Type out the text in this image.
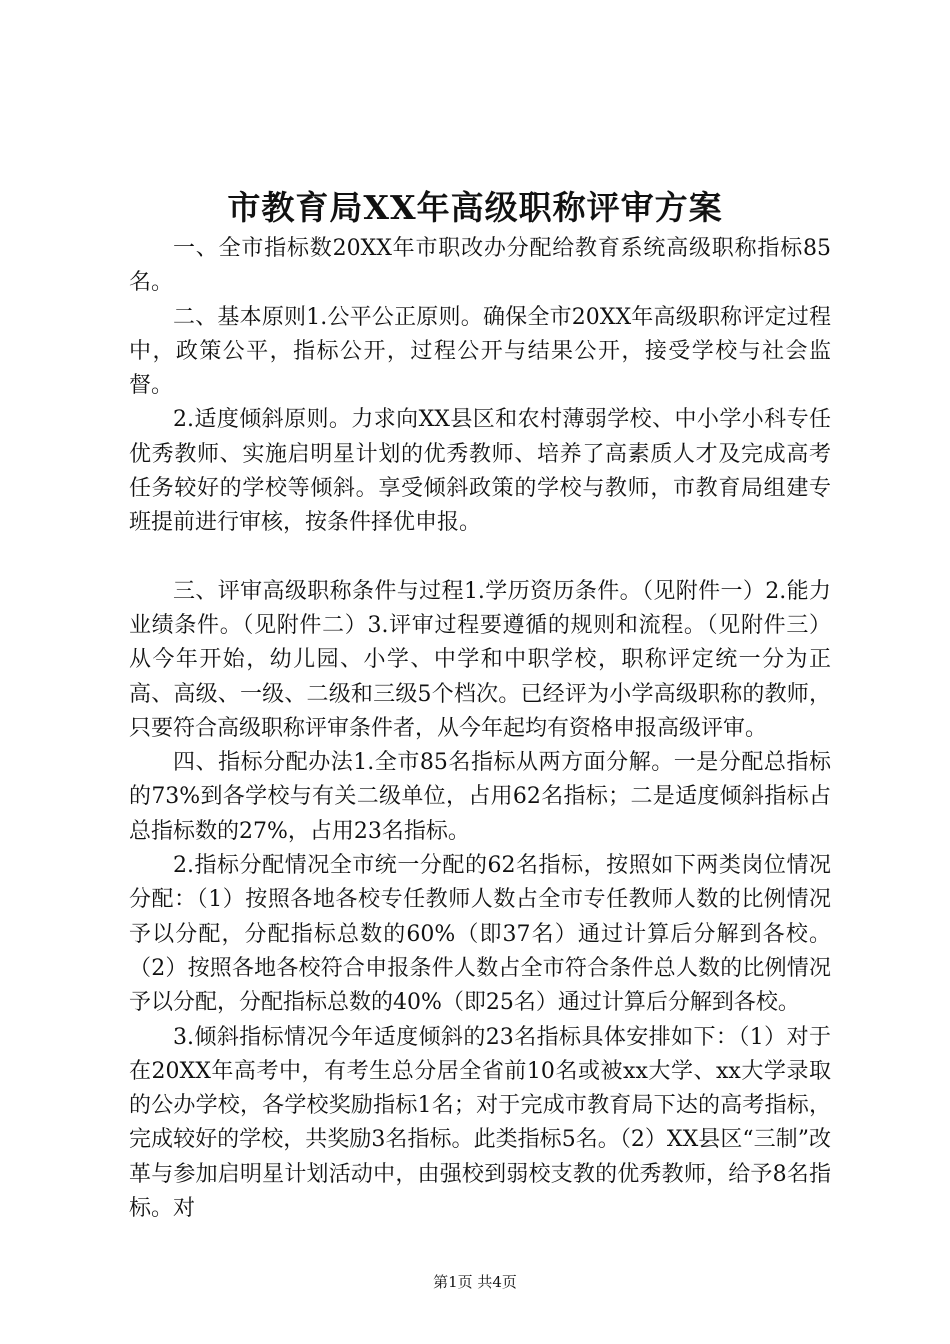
市教育局XX年高级职称评审方案

一、全市指标数20XX年市职改办分配给教育系统高级职称指标85名。

二、基本原则1.公平公正原则。确保全市20XX年高级职称评定过程中，政策公平，指标公开，过程公开与结果公开，接受学校与社会监督。

2.适度倾斜原则。力求向XX县区和农村薄弱学校、中小学小科专任优秀教师、实施启明星计划的优秀教师、培养了高素质人才及完成高考任务较好的学校等倾斜。享受倾斜政策的学校与教师，市教育局组建专班提前进行审核，按条件择优申报。

三、评审高级职称条件与过程1.学历资历条件。（见附件一）2.能力业绩条件。（见附件二）3.评审过程要遵循的规则和流程。（见附件三）从今年开始，幼儿园、小学、中学和中职学校，职称评定统一分为正高、高级、一级、二级和三级5个档次。已经评为小学高级职称的教师，只要符合高级职称评审条件者，从今年起均有资格申报高级评审。

四、指标分配办法1.全市85名指标从两方面分解。一是分配总指标的73%到各学校与有关二级单位，占用62名指标；二是适度倾斜指标占总指标数的27%，占用23名指标。

2.指标分配情况全市统一分配的62名指标，按照如下两类岗位情况分配：（1）按照各地各校专任教师人数占全市专任教师人数的比例情况予以分配，分配指标总数的60%（即37名）通过计算后分解到各校。（2）按照各地各校符合申报条件人数占全市符合条件总人数的比例情况予以分配，分配指标总数的40%（即25名）通过计算后分解到各校。

3.倾斜指标情况今年适度倾斜的23名指标具体安排如下：（1）对于在20XX年高考中，有考生总分居全省前10名或被xx大学、xx大学录取的公办学校，各学校奖励指标1名；对于完成市教育局下达的高考指标，完成较好的学校，共奖励3名指标。此类指标5名。（2）XX县区“三制”改革与参加启明星计划活动中，由强校到弱校支教的优秀教师，给予8名指标。对

第1页 共4页
